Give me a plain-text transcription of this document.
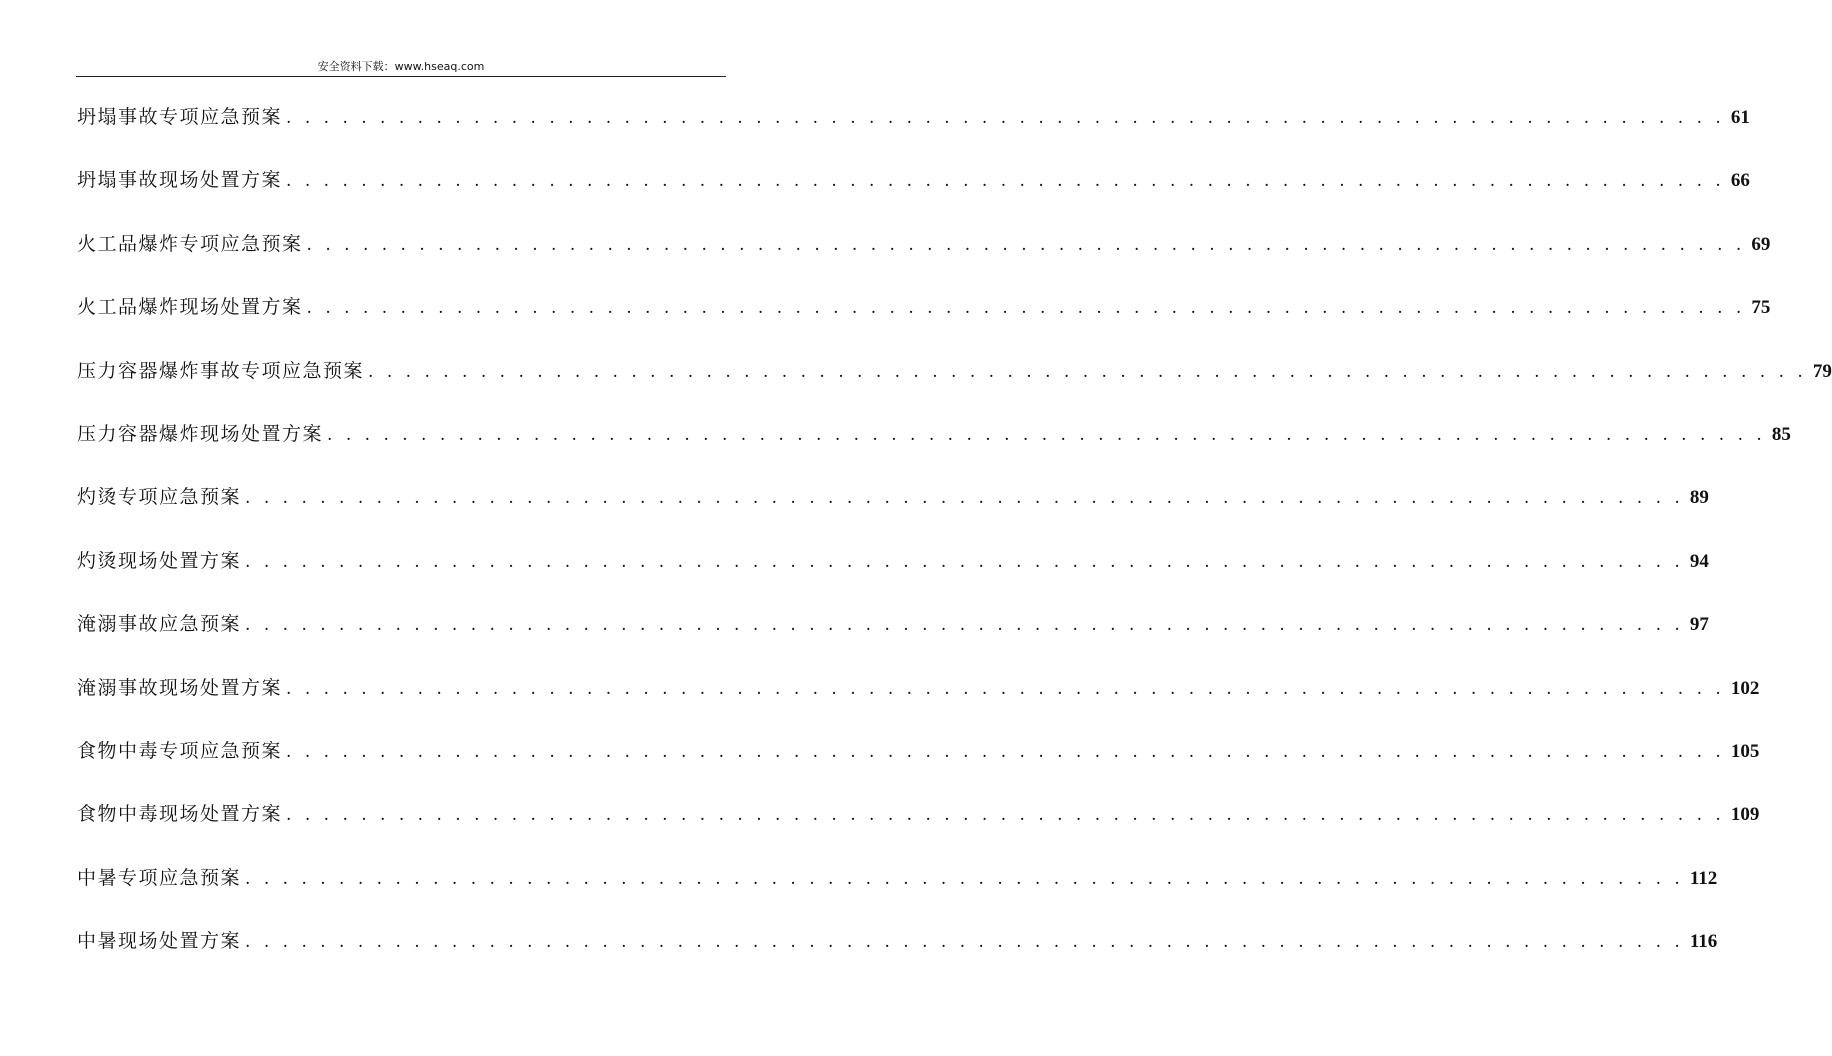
安全资料下载：www.hseaq.com
坍塌事故专项应急预案 . . . . . . . . . . . . . . . . . . . . . . . . . . . . . . . . . . . . . . . . . . . . . . . . . . . . . . . . . . . . . . . . . . . . . . . . . . . . . 61
坍塌事故现场处置方案 . . . . . . . . . . . . . . . . . . . . . . . . . . . . . . . . . . . . . . . . . . . . . . . . . . . . . . . . . . . . . . . . . . . . . . . . . . . . . 66
火工品爆炸专项应急预案 . . . . . . . . . . . . . . . . . . . . . . . . . . . . . . . . . . . . . . . . . . . . . . . . . . . . . . . . . . . . . . . . . . . . . . . . . . . . . 69
火工品爆炸现场处置方案 . . . . . . . . . . . . . . . . . . . . . . . . . . . . . . . . . . . . . . . . . . . . . . . . . . . . . . . . . . . . . . . . . . . . . . . . . . . . . 75
压力容器爆炸事故专项应急预案 . . . . . . . . . . . . . . . . . . . . . . . . . . . . . . . . . . . . . . . . . . . . . . . . . . . . . . . . . . . . . . . . . . . . . . . . . . . . . 79
压力容器爆炸现场处置方案 . . . . . . . . . . . . . . . . . . . . . . . . . . . . . . . . . . . . . . . . . . . . . . . . . . . . . . . . . . . . . . . . . . . . . . . . . . . . . 85
灼烫专项应急预案 . . . . . . . . . . . . . . . . . . . . . . . . . . . . . . . . . . . . . . . . . . . . . . . . . . . . . . . . . . . . . . . . . . . . . . . . . . . . . 89
灼烫现场处置方案 . . . . . . . . . . . . . . . . . . . . . . . . . . . . . . . . . . . . . . . . . . . . . . . . . . . . . . . . . . . . . . . . . . . . . . . . . . . . . 94
淹溺事故应急预案 . . . . . . . . . . . . . . . . . . . . . . . . . . . . . . . . . . . . . . . . . . . . . . . . . . . . . . . . . . . . . . . . . . . . . . . . . . . . . 97
淹溺事故现场处置方案 . . . . . . . . . . . . . . . . . . . . . . . . . . . . . . . . . . . . . . . . . . . . . . . . . . . . . . . . . . . . . . . . . . . . . . . . . . . . . 102
食物中毒专项应急预案 . . . . . . . . . . . . . . . . . . . . . . . . . . . . . . . . . . . . . . . . . . . . . . . . . . . . . . . . . . . . . . . . . . . . . . . . . . . . . 105
食物中毒现场处置方案 . . . . . . . . . . . . . . . . . . . . . . . . . . . . . . . . . . . . . . . . . . . . . . . . . . . . . . . . . . . . . . . . . . . . . . . . . . . . . 109
中暑专项应急预案 . . . . . . . . . . . . . . . . . . . . . . . . . . . . . . . . . . . . . . . . . . . . . . . . . . . . . . . . . . . . . . . . . . . . . . . . . . . . . 112
中暑现场处置方案 . . . . . . . . . . . . . . . . . . . . . . . . . . . . . . . . . . . . . . . . . . . . . . . . . . . . . . . . . . . . . . . . . . . . . . . . . . . . . 116
